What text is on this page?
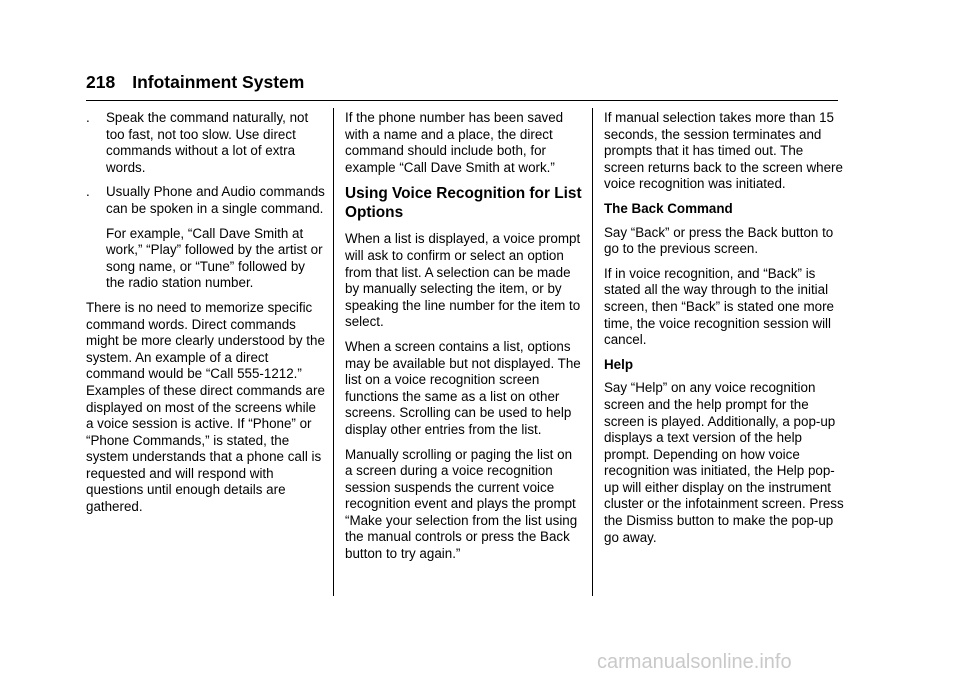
218 Infotainment System
. Speak the command naturally, not too fast, not too slow. Use direct commands without a lot of extra words.
. Usually Phone and Audio commands can be spoken in a single command.

For example, “Call Dave Smith at work,” “Play” followed by the artist or song name, or “Tune” followed by the radio station number.

There is no need to memorize specific command words. Direct commands might be more clearly understood by the system. An example of a direct command would be “Call 555-1212.” Examples of these direct commands are displayed on most of the screens while a voice session is active. If “Phone” or “Phone Commands,” is stated, the system understands that a phone call is requested and will respond with questions until enough details are gathered.

If the phone number has been saved with a name and a place, the direct command should include both, for example “Call Dave Smith at work.”

Using Voice Recognition for List Options

When a list is displayed, a voice prompt will ask to confirm or select an option from that list. A selection can be made by manually selecting the item, or by speaking the line number for the item to select.

When a screen contains a list, options may be available but not displayed. The list on a voice recognition screen functions the same as a list on other screens. Scrolling can be used to help display other entries from the list.

Manually scrolling or paging the list on a screen during a voice recognition session suspends the current voice recognition event and plays the prompt “Make your selection from the list using the manual controls or press the Back button to try again.”

If manual selection takes more than 15 seconds, the session terminates and prompts that it has timed out. The screen returns back to the screen where voice recognition was initiated.

The Back Command

Say “Back” or press the Back button to go to the previous screen.

If in voice recognition, and “Back” is stated all the way through to the initial screen, then “Back” is stated one more time, the voice recognition session will cancel.

Help

Say “Help” on any voice recognition screen and the help prompt for the screen is played. Additionally, a pop-up displays a text version of the help prompt. Depending on how voice recognition was initiated, the Help pop-up will either display on the instrument cluster or the infotainment screen. Press the Dismiss button to make the pop-up go away.

carmanualsonline.info
